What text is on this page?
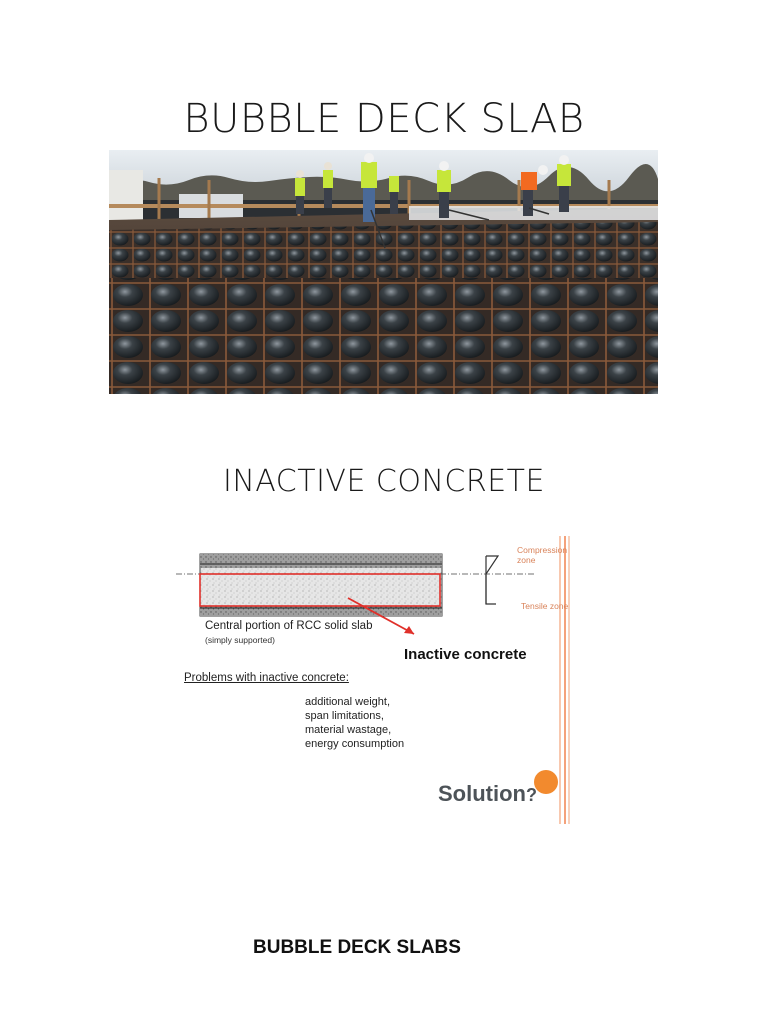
BUBBLE DECK SLAB
INACTIVE CONCRETE
Compression
zone
Tensile zone
Central portion of RCC solid slab
(simply supported)
Inactive concrete
Problems with inactive concrete:
additional weight,
span limitations,
material wastage,
energy consumption
Solution?
BUBBLE DECK SLABS
